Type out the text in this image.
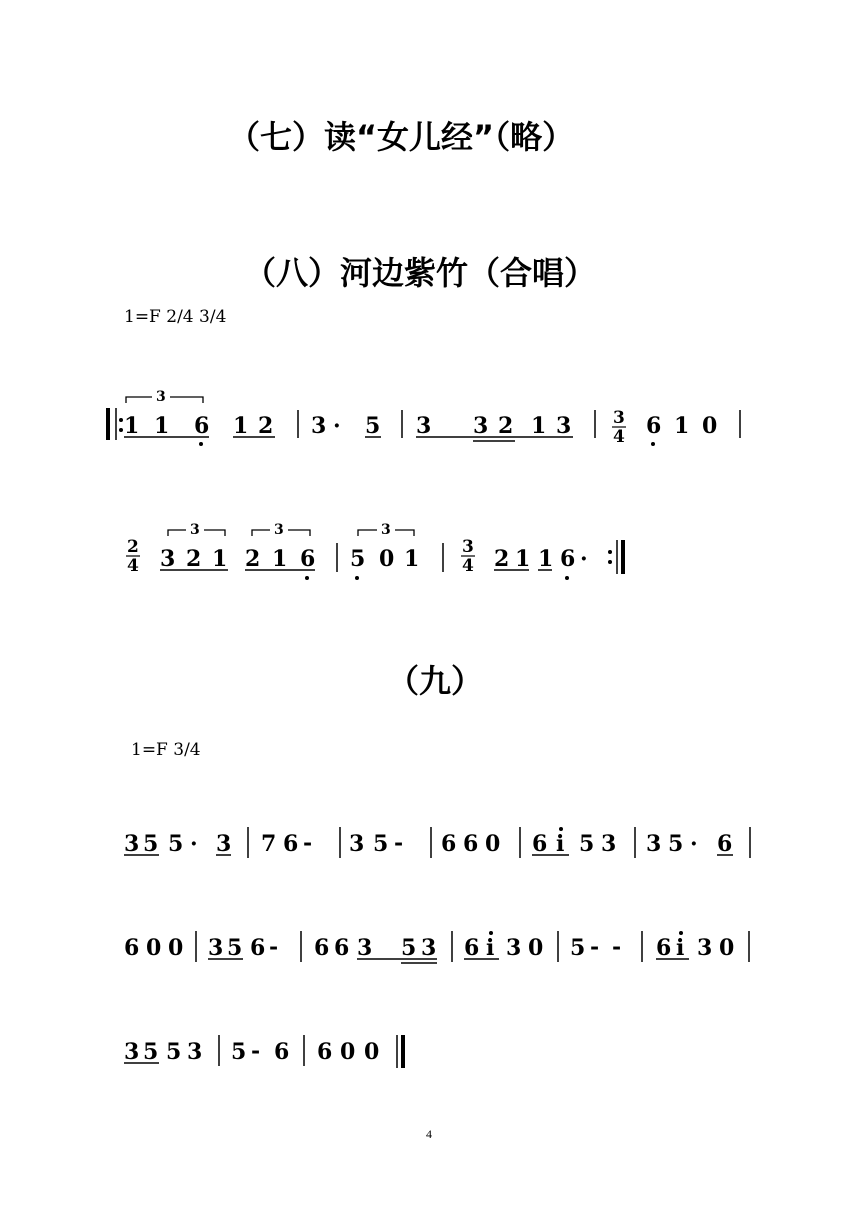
（七）读“女儿经”（略）
（八）河边紫竹（合唱）
1=F 2/4 3/4
（九）
1=F 3/4
4
3
1 1 6 1 2 3 · 5 3 3 2 1 3 3
4 6 1 0
2
4
3
3 2 1
3
2 1 6
3
5 0 1	3
4 2 1 1 6 ·
3 5 5 · 3 7 6 - 3 5 - 6 6 0 6 i 5 3 3 5 · 6
6 0 0 3 5 6 - 6 6 3 5 3 6 i 3 0 5 - - 6 i 3 0
3 5 5 3 5 - 6 6 0 0
